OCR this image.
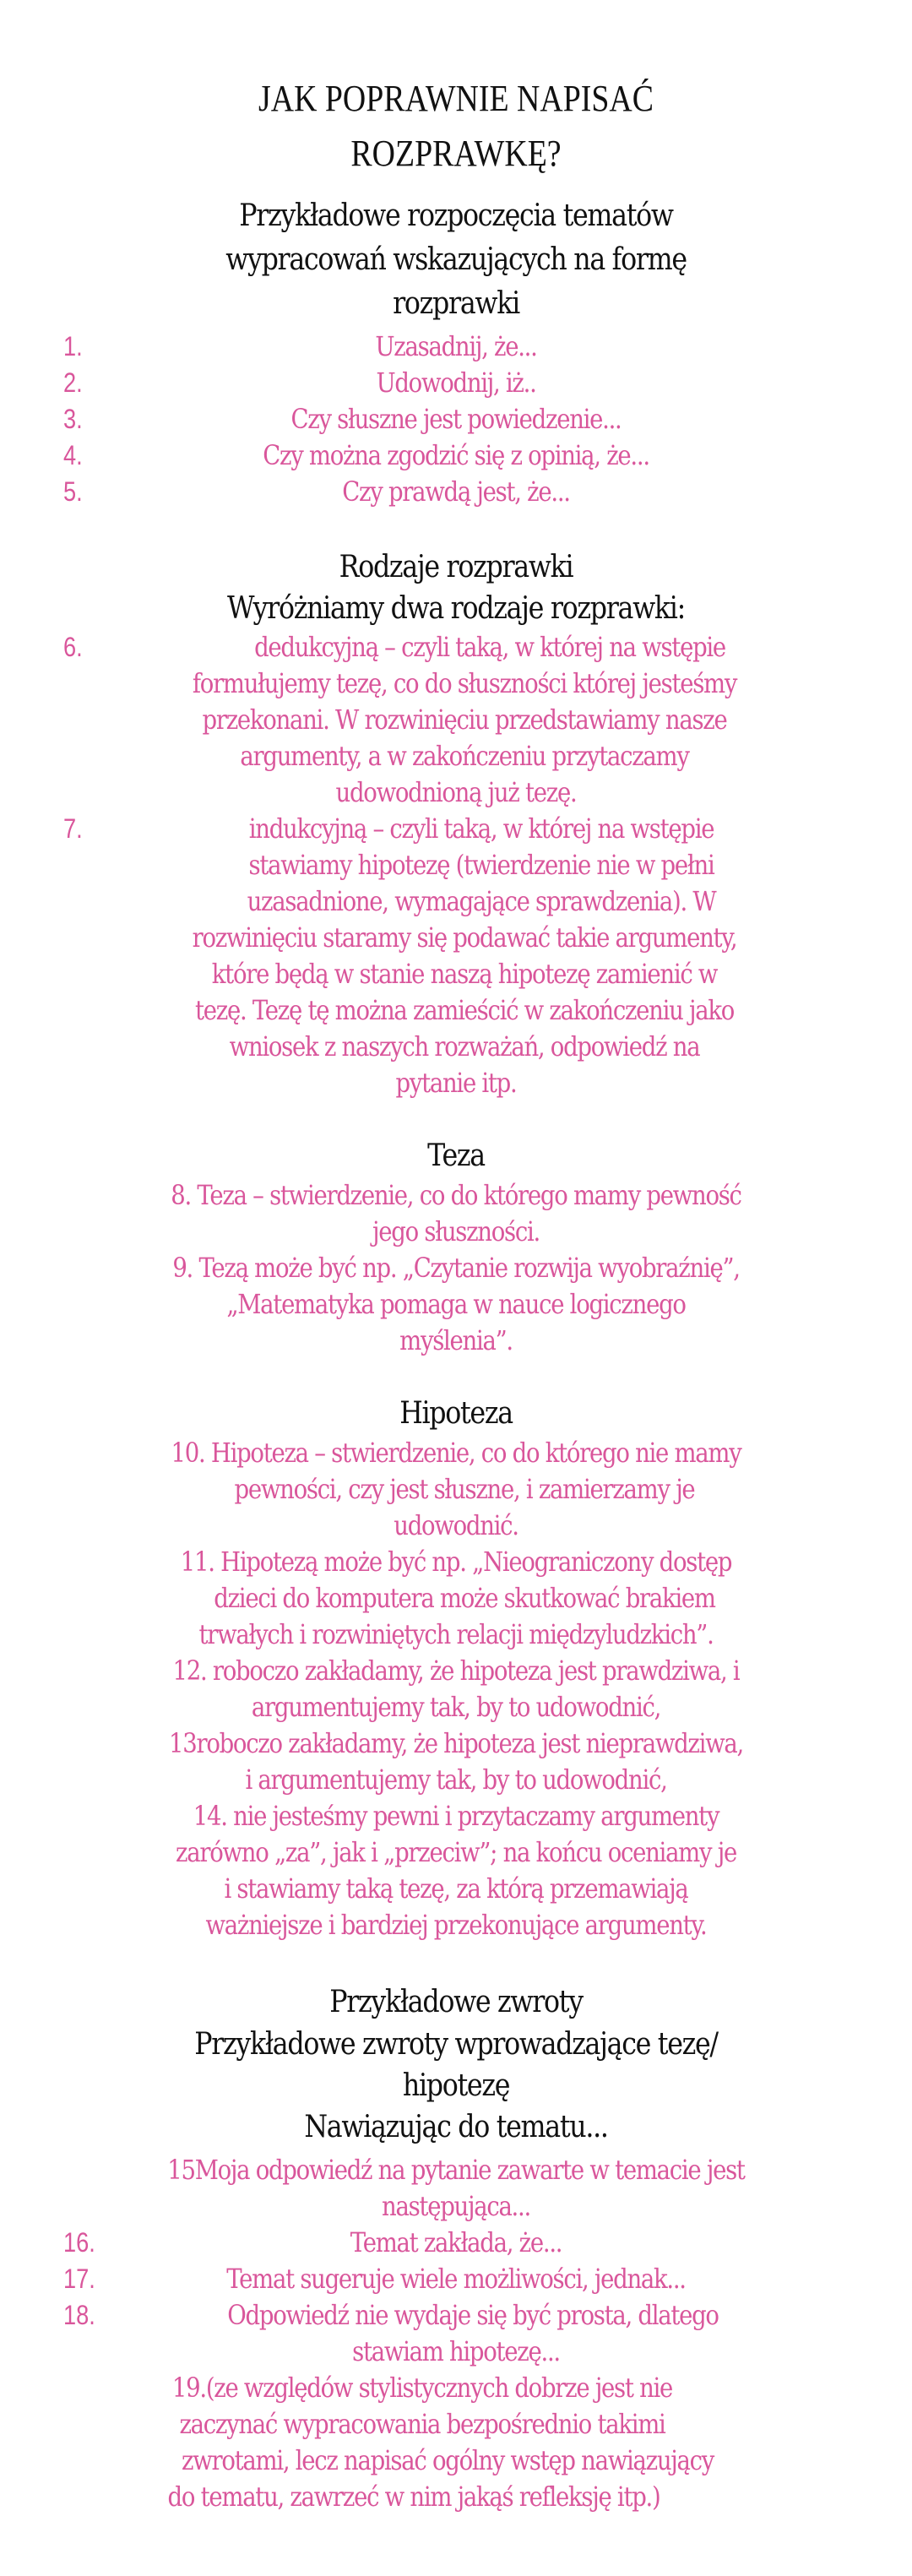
JAK POPRAWNIE NAPISAĆ
ROZPRAWKĘ?
Przykładowe rozpoczęcia tematów
wypracowań wskazujących na formę
rozprawki
1.	Uzasadnij, że...
2.	Udowodnij, iż..
3.	Czy słuszne jest powiedzenie...
4.	Czy można zgodzić się z opinią, że...
5.	Czy prawdą jest, że...
Rodzaje rozprawki
Wyróżniamy dwa rodzaje rozprawki:
6.	dedukcyjną – czyli taką, w której na wstępie
formułujemy tezę, co do słuszności której jesteśmy
przekonani. W rozwinięciu przedstawiamy nasze
argumenty, a w zakończeniu przytaczamy
udowodnioną już tezę.
7.	indukcyjną – czyli taką, w której na wstępie
stawiamy hipotezę (twierdzenie nie w pełni
uzasadnione, wymagające sprawdzenia). W
rozwinięciu staramy się podawać takie argumenty,
które będą w stanie naszą hipotezę zamienić w
tezę. Tezę tę można zamieścić w zakończeniu jako
wniosek z naszych rozważań, odpowiedź na
pytanie itp.
Teza
8. Teza – stwierdzenie, co do którego mamy pewność
jego słuszności.
9. Tezą może być np. „Czytanie rozwija wyobraźnię”,
„Matematyka pomaga w nauce logicznego
myślenia”.
Hipoteza
10. Hipoteza – stwierdzenie, co do którego nie mamy
pewności, czy jest słuszne, i zamierzamy je
udowodnić.
11. Hipotezą może być np. „Nieograniczony dostęp
dzieci do komputera może skutkować brakiem
trwałych i rozwiniętych relacji międzyludzkich”.
12. roboczo zakładamy, że hipoteza jest prawdziwa, i
argumentujemy tak, by to udowodnić,
13roboczo zakładamy, że hipoteza jest nieprawdziwa,
i argumentujemy tak, by to udowodnić,
14. nie jesteśmy pewni i przytaczamy argumenty
zarówno „za”, jak i „przeciw”; na końcu oceniamy je
i stawiamy taką tezę, za którą przemawiają
ważniejsze i bardziej przekonujące argumenty.
Przykładowe zwroty
Przykładowe zwroty wprowadzające tezę/
hipotezę
Nawiązując do tematu...
15Moja odpowiedź na pytanie zawarte w temacie jest
następująca...
16.	Temat zakłada, że...
17.	Temat sugeruje wiele możliwości, jednak...
18.	Odpowiedź nie wydaje się być prosta, dlatego
stawiam hipotezę...
19.(ze względów stylistycznych dobrze jest nie
zaczynać wypracowania bezpośrednio takimi
zwrotami, lecz napisać ogólny wstęp nawiązujący
do tematu, zawrzeć w nim jakąś refleksję itp.)
